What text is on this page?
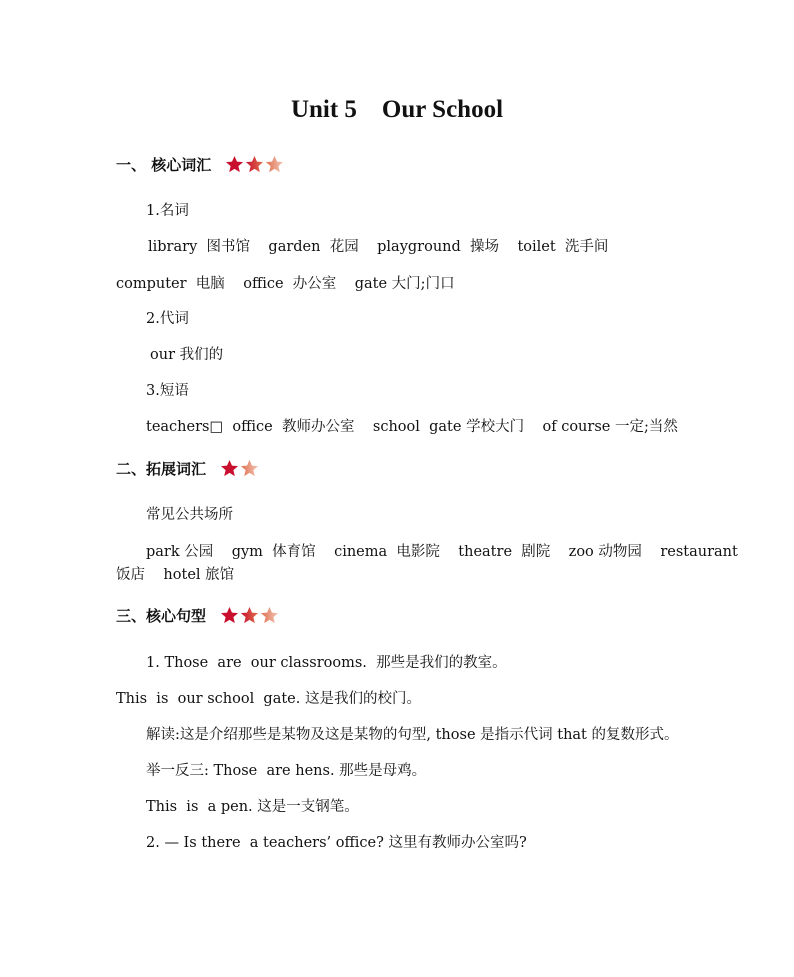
Unit 5    Our School
一、 核心词汇
1.名词
library  图书馆    garden  花园    playground  操场    toilet  洗手间
computer  电脑    office  办公室    gate 大门;门口
2.代词
our 我们的
3.短语
teachers□  office  教师办公室    school  gate 学校大门    of course 一定;当然
二、拓展词汇
常见公共场所
park 公园    gym  体育馆    cinema  电影院    theatre  剧院    zoo 动物园    restaurant
饭店    hotel 旅馆
三、核心句型
1. Those  are  our classrooms.  那些是我们的教室。
This  is  our school  gate. 这是我们的校门。
解读:这是介绍那些是某物及这是某物的句型, those 是指示代词 that 的复数形式。
举一反三: Those  are hens. 那些是母鸡。
This  is  a pen. 这是一支钢笔。
2. — Is there  a teachers’ office? 这里有教师办公室吗?
